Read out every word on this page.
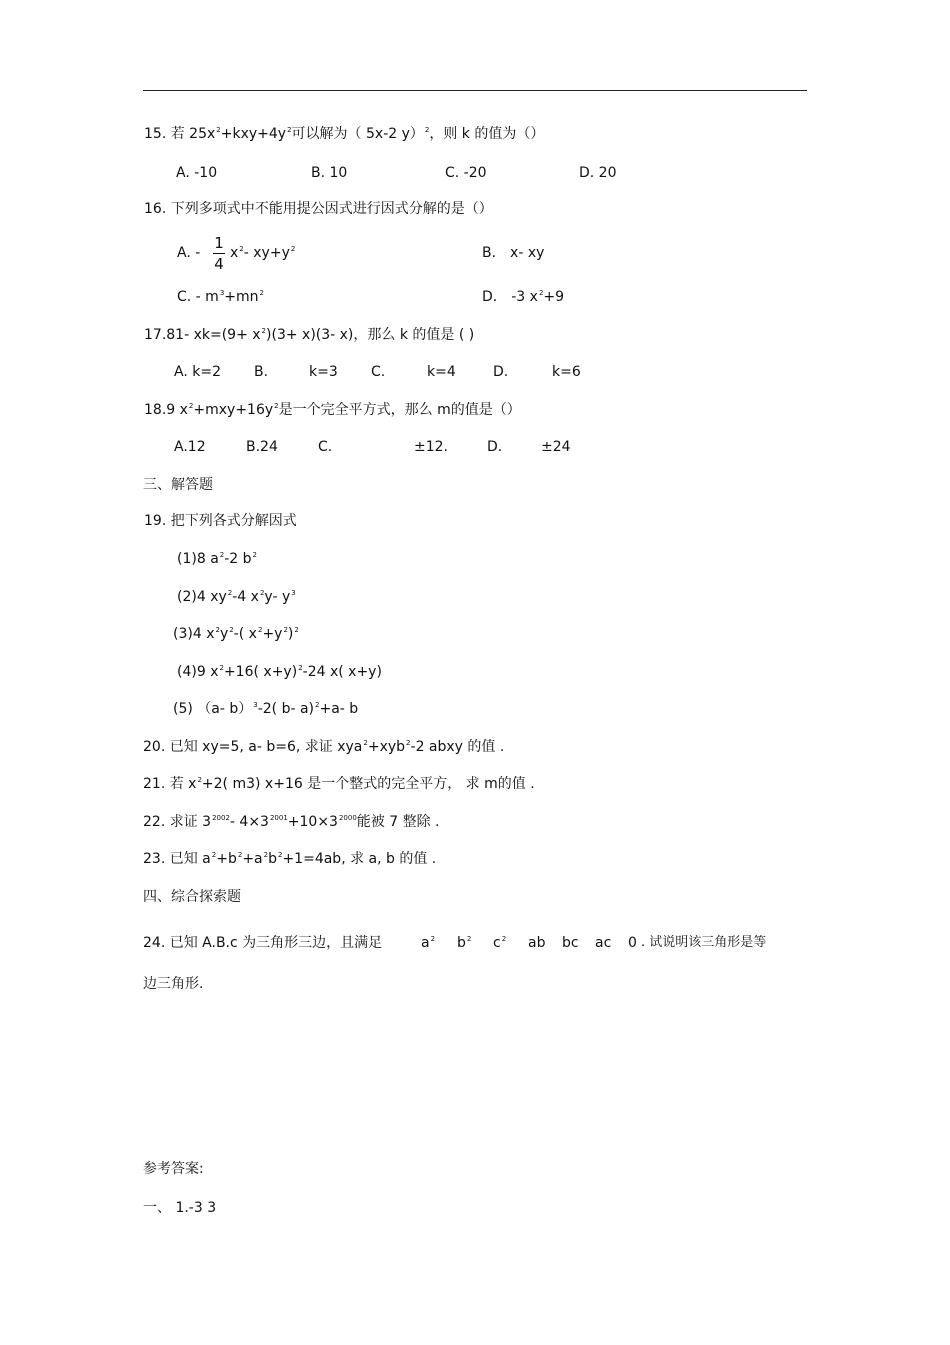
15. 若 $25x^2+kxy+4y^2$可以解为（ 5x-2 y）$^2$，则 k 的值为（）
A. -10	B. 10	C. -20	D. 20
16. 下列多项式中不能用提公因式进行因式分解的是（）
A. -
1
4
$x^2-$ $xy+y^2$	B． x- xy
C. - $m^3+mn^2$	D． -3 $x^2+9$
17.81- $xk=(9+ x^2)(3+ x)(3-$ x)，那么 k 的值是 ( )
A. k=2 B.	k=3 C.	k=4	D.	k=6
18.9 $x^2+mxy+16y^2$是一个完全平方式，那么 m的值是（）
A.12	B.24	C.	±12.	D.	±24
三、解答题
19. 把下列各式分解因式
(1)8 $a^2-2$ $b^2$
(2)4 $xy^2-4$ $x^2y-$ $y^3$
(3)4 $x^2y^2-$( $x^2+y^2)^2$
(4)9 $x^2+16$( x+y)$^2$-24 x( x+y)
(5) （a- b）$^3$-2( b- a)$^2$+a- b
20. 已知 xy=5, a- b=6, 求证 xya$^2$+xyb$^2$-2 abxy 的值 .
21. 若 $x^2+2$( m3) x+16 是一个整式的完全平方， 求 m的值 .
22. 求证 $3^{2002}-$ $4\times 3^{2001}+10\times 3^{2000}$能被 7 整除 .
23. 已知 $a^2+b^2+a^2b^2+1=4ab$, 求 a, b 的值 .
四、综合探索题
24. 已知 A.B.c 为三角形三边，且满足	$a^2$ $b^2$ $c^2$ ab bc ac 0 . 试说明该三角形是等
边三角形.
参考答案:
一、 1.-3 3
